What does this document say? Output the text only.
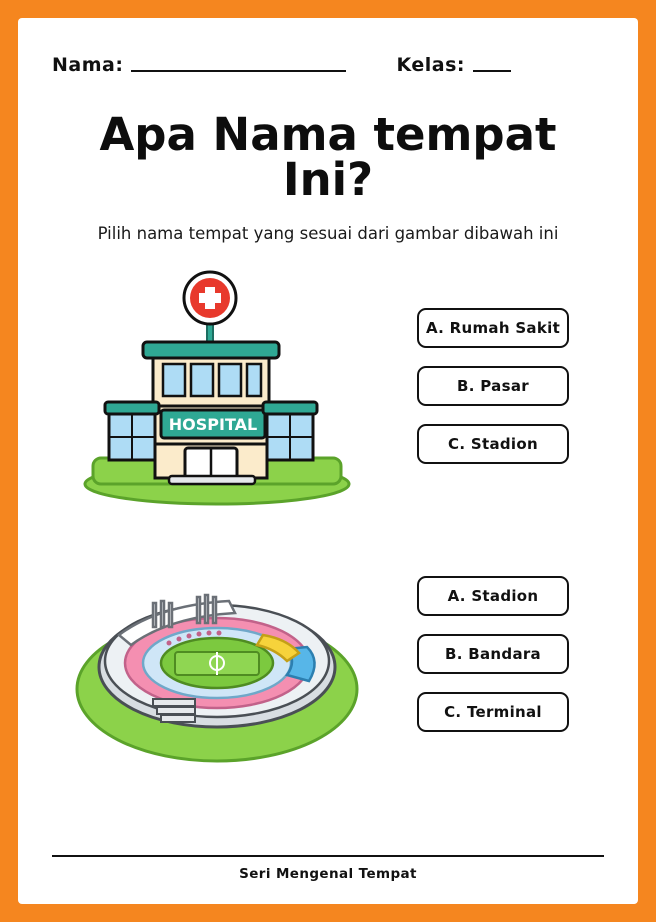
Nama:	Kelas:
Apa Nama tempat Ini?
Pilih nama tempat yang sesuai dari gambar dibawah ini
HOSPITAL
A. Rumah Sakit
B. Pasar
C. Stadion
A. Stadion
B. Bandara
C. Terminal
Seri Mengenal Tempat
